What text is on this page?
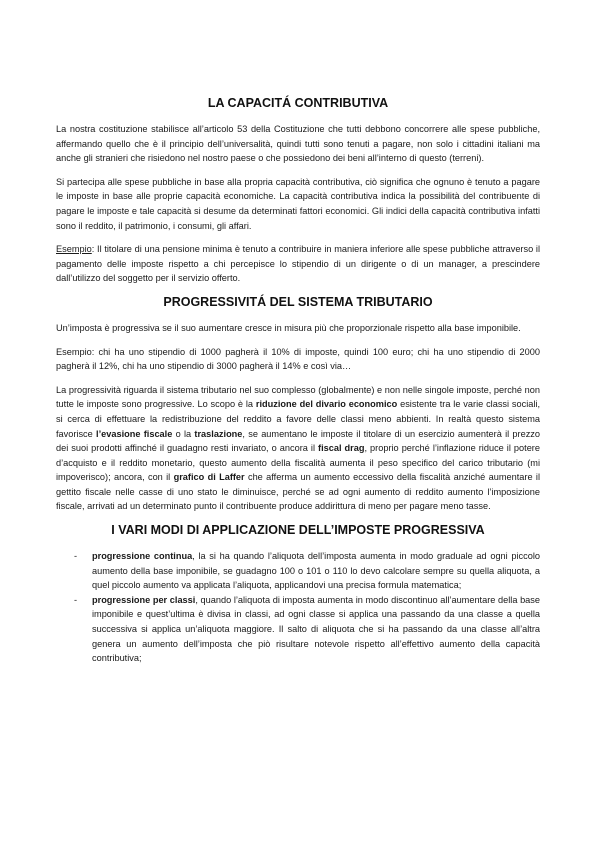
LA CAPACITÁ CONTRIBUTIVA

La nostra costituzione stabilisce all’articolo 53 della Costituzione che tutti debbono concorrere alle spese pubbliche, affermando quello che è il principio dell’universalità, quindi tutti sono tenuti a pagare, non solo i cittadini italiani ma anche gli stranieri che risiedono nel nostro paese o che possiedono dei beni all’interno di questo (terreni).

Si partecipa alle spese pubbliche in base alla propria capacità contributiva, ciò significa che ognuno è tenuto a pagare le imposte in base alle proprie capacità economiche. La capacità contributiva indica la possibilità del contribuente di pagare le imposte e tale capacità si desume da determinati fattori economici. Gli indici della capacità contributiva infatti sono il reddito, il patrimonio, i consumi, gli affari.

Esempio: Il titolare di una pensione minima è tenuto a contribuire in maniera inferiore alle spese pubbliche attraverso il pagamento delle imposte rispetto a chi percepisce lo stipendio di un dirigente o di un manager, a prescindere dall’utilizzo del soggetto per il servizio offerto.

PROGRESSIVITÁ DEL SISTEMA TRIBUTARIO

Un’imposta è progressiva se il suo aumentare cresce in misura più che proporzionale rispetto alla base imponibile.

Esempio: chi ha uno stipendio di 1000 pagherà il 10% di imposte, quindi 100 euro; chi ha uno stipendio di 2000 pagherà il 12%, chi ha uno stipendio di 3000 pagherà il 14% e così via…

La progressività riguarda il sistema tributario nel suo complesso (globalmente) e non nelle singole imposte, perché non tutte le imposte sono progressive. Lo scopo è la riduzione del divario economico esistente tra le varie classi sociali, si cerca di effettuare la redistribuzione del reddito a favore delle classi meno abbienti. In realtà questo sistema favorisce l’evasione fiscale o la traslazione, se aumentano le imposte il titolare di un esercizio aumenterà il prezzo dei suoi prodotti affinché il guadagno resti invariato, o ancora il fiscal drag, proprio perché l’inflazione riduce il potere d’acquisto e il reddito monetario, questo aumento della fiscalità aumenta il peso specifico del carico tributario (mi impoverisco); ancora, con il grafico di Laffer che afferma un aumento eccessivo della fiscalità anziché aumentare il gettito fiscale nelle casse di uno stato le diminuisce, perché se ad ogni aumento di reddito aumento l’imposizione fiscale, arrivati ad un determinato punto il contribuente produce addirittura di meno per pagare meno tasse.

I VARI MODI DI APPLICAZIONE DELL’IMPOSTE PROGRESSIVA
- progressione continua, la si ha quando l’aliquota dell’imposta aumenta in modo graduale ad ogni piccolo aumento della base imponibile, se guadagno 100 o 101 o 110 lo devo calcolare sempre su quella aliquota, a quel piccolo aumento va applicata l’aliquota, applicandovi una precisa formula matematica;
- progressione per classi, quando l’aliquota di imposta aumenta in modo discontinuo all’aumentare della base imponibile e quest’ultima è divisa in classi, ad ogni classe si applica una passando da una classe a quella successiva si applica un’aliquota maggiore. Il salto di aliquota che si ha passando da una classe all’altra genera un aumento dell’imposta che piò risultare notevole rispetto all’effettivo aumento della capacità contributiva;
